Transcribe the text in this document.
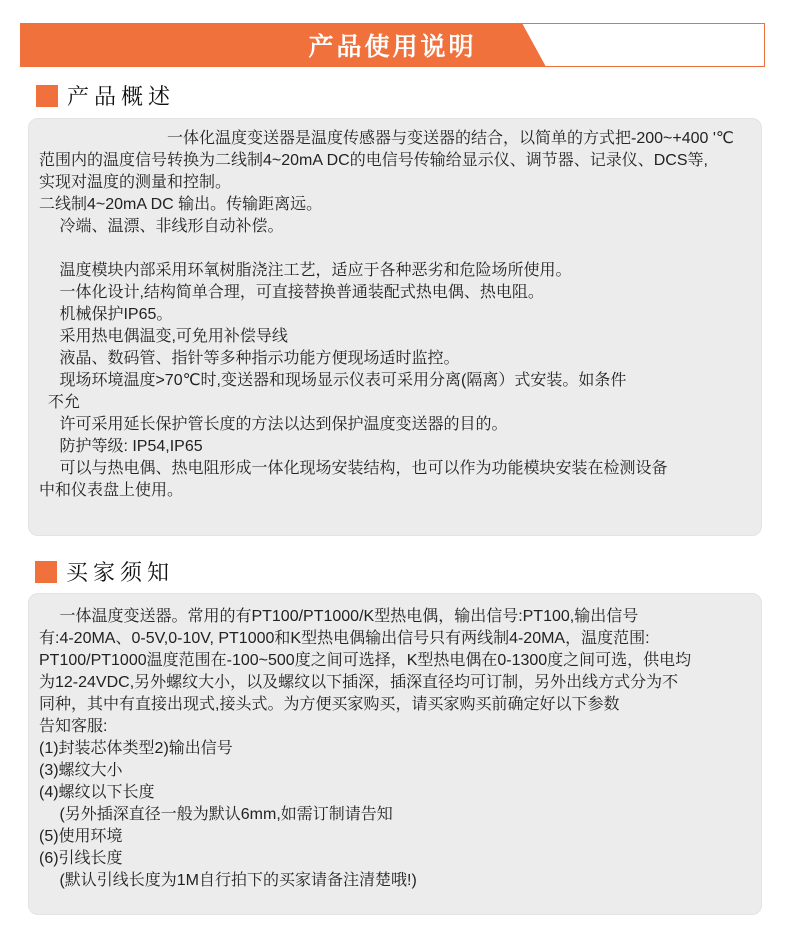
产品使用说明
产品概述
　　　　　　　　一体化温度变送器是温度传感器与变送器的结合，以简单的方式把-200~+400 '℃
范围内的温度信号转换为二线制4~20mA DC的电信号传输给显示仪、调节器、记录仪、DCS等,
实现对温度的测量和控制。
二线制4~20mA DC 输出。传输距离远。
　 冷端、温漂、非线形自动补偿。
　 温度模块内部采用环氧树脂浇注工艺，适应于各种恶劣和危险场所使用。
　 一体化设计,结构简单合理，可直接替换普通装配式热电偶、热电阻。
　 机械保护IP65。
　 采用热电偶温变,可免用补偿导线
　 液晶、数码管、指针等多种指示功能方便现场适时监控。
　 现场环境温度>70℃时,变送器和现场显示仪表可采用分离(隔离）式安装。如条件
不允
　 许可采用延长保护管长度的方法以达到保护温度变送器的目的。
　 防护等级: IP54,IP65
　 可以与热电偶、热电阻形成一体化现场安装结构，也可以作为功能模块安装在检测设备
中和仪表盘上使用。
买家须知
　 一体温度变送器。常用的有PT100/PT1000/K型热电偶，输出信号:PT100,输出信号
有:4-20MA、0-5V,0-10V, PT1000和K型热电偶输出信号只有两线制4-20MA，温度范围:
PT100/PT1000温度范围在-100~500度之间可选择，K型热电偶在0-1300度之间可选，供电均
为12-24VDC,另外螺纹大小，以及螺纹以下插深，插深直径均可订制，另外出线方式分为不
同种，其中有直接出现式,接头式。为方便买家购买，请买家购买前确定好以下参数
告知客服:
(1)封装芯体类型2)输出信号
(3)螺纹大小
(4)螺纹以下长度
　 (另外插深直径一般为默认6mm,如需订制请告知
(5)使用环境
(6)引线长度
　 (默认引线长度为1M自行拍下的买家请备注清楚哦!)
